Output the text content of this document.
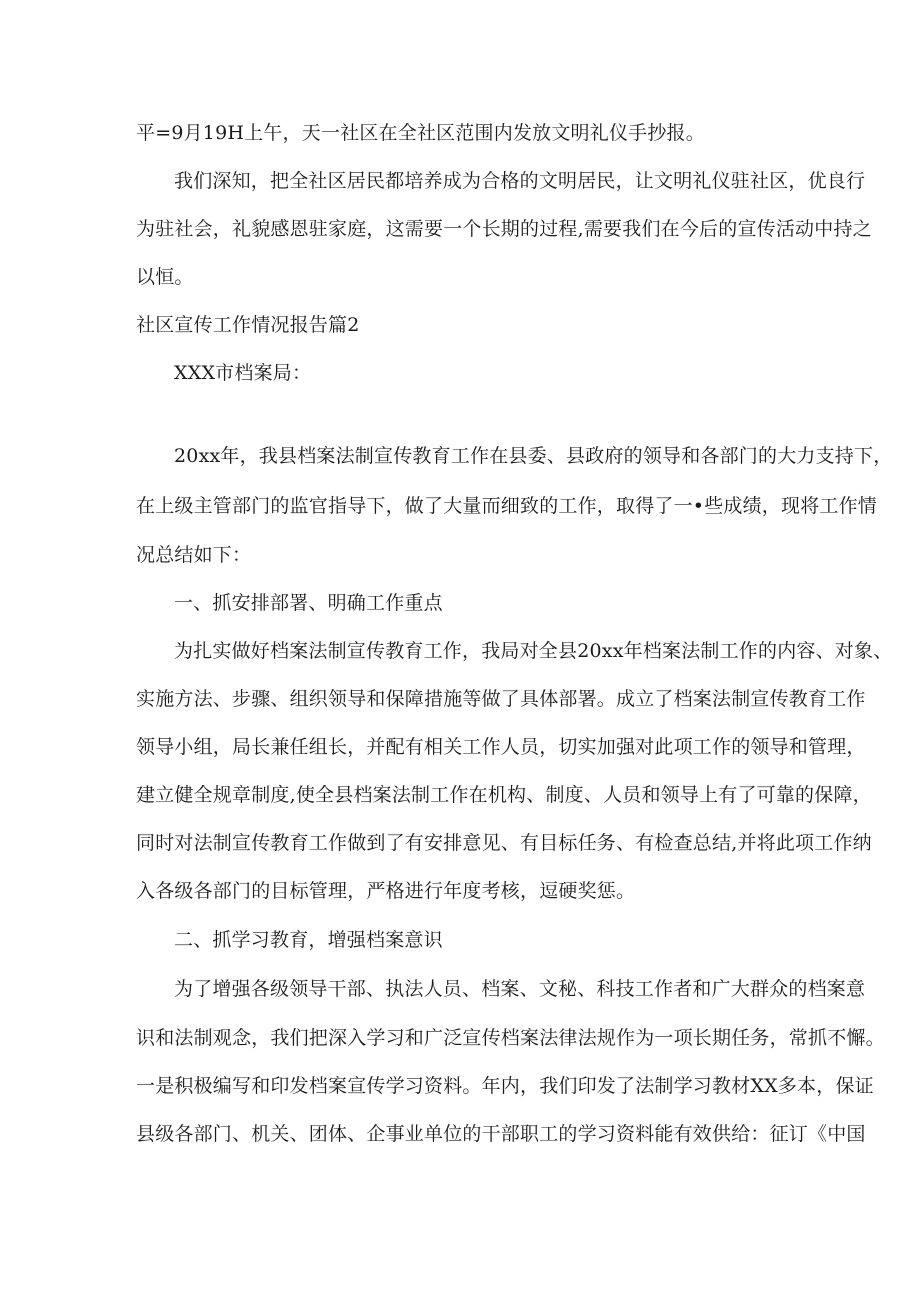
平=9月19H上午，天一社区在全社区范围内发放文明礼仪手抄报。
我们深知，把全社区居民都培养成为合格的文明居民，让文明礼仪驻社区，优良行
为驻社会，礼貌感恩驻家庭，这需要一个长期的过程,需要我们在今后的宣传活动中持之
以恒。
社区宣传工作情况报告篇2
XXX市档案局：
20xx年，我县档案法制宣传教育工作在县委、县政府的领导和各部门的大力支持下，
在上级主管部门的监官指导下，做了大量而细致的工作，取得了一•些成绩，现将工作情
况总结如下：
一、抓安排部署、明确工作重点
为扎实做好档案法制宣传教育工作，我局对全县20xx年档案法制工作的内容、对象、
实施方法、步骤、组织领导和保障措施等做了具体部署。成立了档案法制宣传教育工作
领导小组，局长兼任组长，并配有相关工作人员，切实加强对此项工作的领导和管理，
建立健全规章制度,使全县档案法制工作在机构、制度、人员和领导上有了可靠的保障，
同时对法制宣传教育工作做到了有安排意见、有目标任务、有检查总结,并将此项工作纳
入各级各部门的目标管理，严格进行年度考核，逗硬奖惩。
二、抓学习教育，增强档案意识
为了增强各级领导干部、执法人员、档案、文秘、科技工作者和广大群众的档案意
识和法制观念，我们把深入学习和广泛宣传档案法律法规作为一项长期任务，常抓不懈。
一是积极编写和印发档案宣传学习资料。年内，我们印发了法制学习教材XX多本，保证
县级各部门、机关、团体、企事业单位的干部职工的学习资料能有效供给：征订《中国
